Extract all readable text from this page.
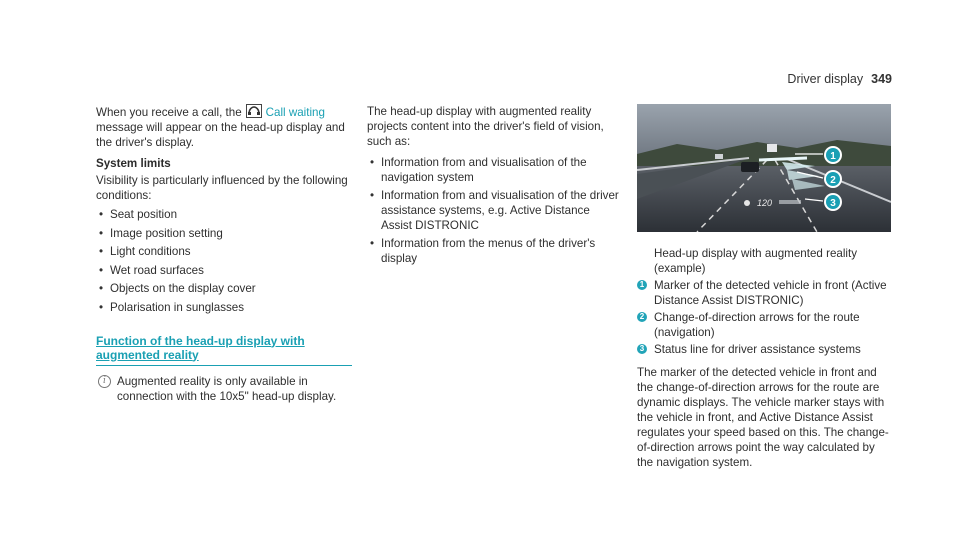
Driver display 349

When you receive a call, the Call waiting message will appear on the head-up display and the driver's display.

System limits

Visibility is particularly influenced by the following conditions:

• Seat position
• Image position setting
• Light conditions
• Wet road surfaces
• Objects on the display cover
• Polarisation in sunglasses
Function of the head-up display with augmented reality

i Augmented reality is only available in connection with the 10x5" head-up display.

The head-up display with augmented reality projects content into the driver's field of vision, such as:

• Information from and visualisation of the navigation system
• Information from and visualisation of the driver assistance systems, e.g. Active Distance Assist DISTRONIC
• Information from the menus of the driver's display
120
1
2
3

Head-up display with augmented reality (example)

1 Marker of the detected vehicle in front (Active Distance Assist DISTRONIC)
2 Change-of-direction arrows for the route (navigation)
3 Status line for driver assistance systems

The marker of the detected vehicle in front and the change-of-direction arrows for the route are dynamic displays. The vehicle marker stays with the vehicle in front, and Active Distance Assist regulates your speed based on this. The change-of-direction arrows point the way calculated by the navigation system.
